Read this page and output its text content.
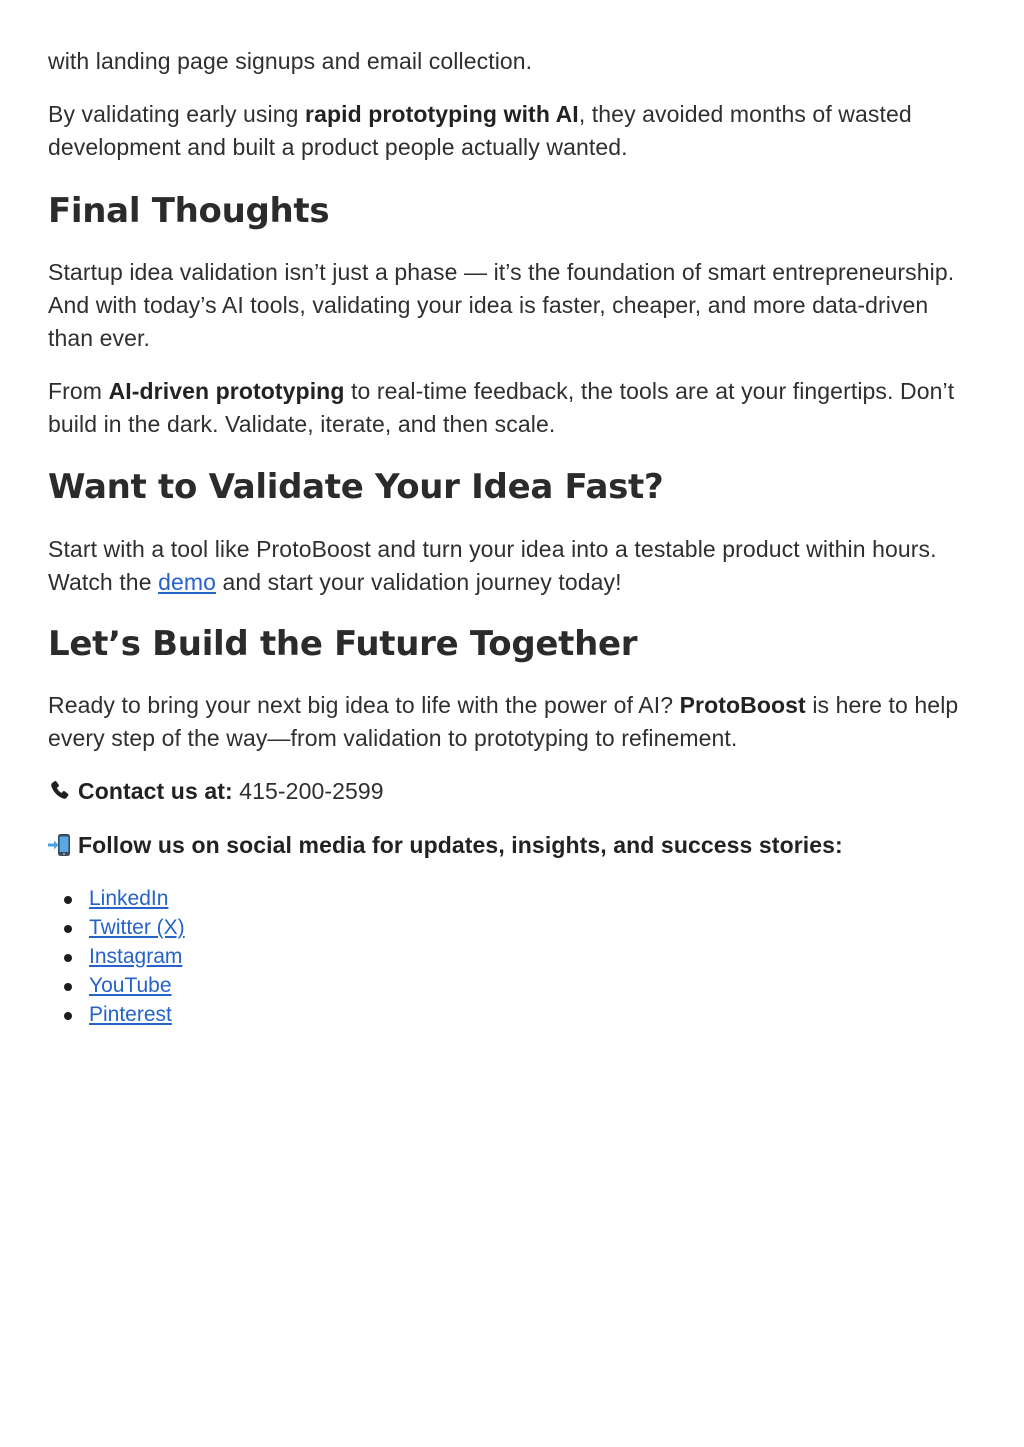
with landing page signups and email collection.

By validating early using rapid prototyping with AI, they avoided months of wasted development and built a product people actually wanted.

Final Thoughts

Startup idea validation isn’t just a phase — it’s the foundation of smart entrepreneurship. And with today’s AI tools, validating your idea is faster, cheaper, and more data-driven than ever.

From AI-driven prototyping to real-time feedback, the tools are at your fingertips. Don’t build in the dark. Validate, iterate, and then scale.

Want to Validate Your Idea Fast?

Start with a tool like ProtoBoost and turn your idea into a testable product within hours. Watch the demo and start your validation journey today!

Let’s Build the Future Together

Ready to bring your next big idea to life with the power of AI? ProtoBoost is here to help every step of the way—from validation to prototyping to refinement.

Contact us at: 415-200-2599

Follow us on social media for updates, insights, and success stories:

LinkedIn
Twitter (X)
Instagram
YouTube
Pinterest
